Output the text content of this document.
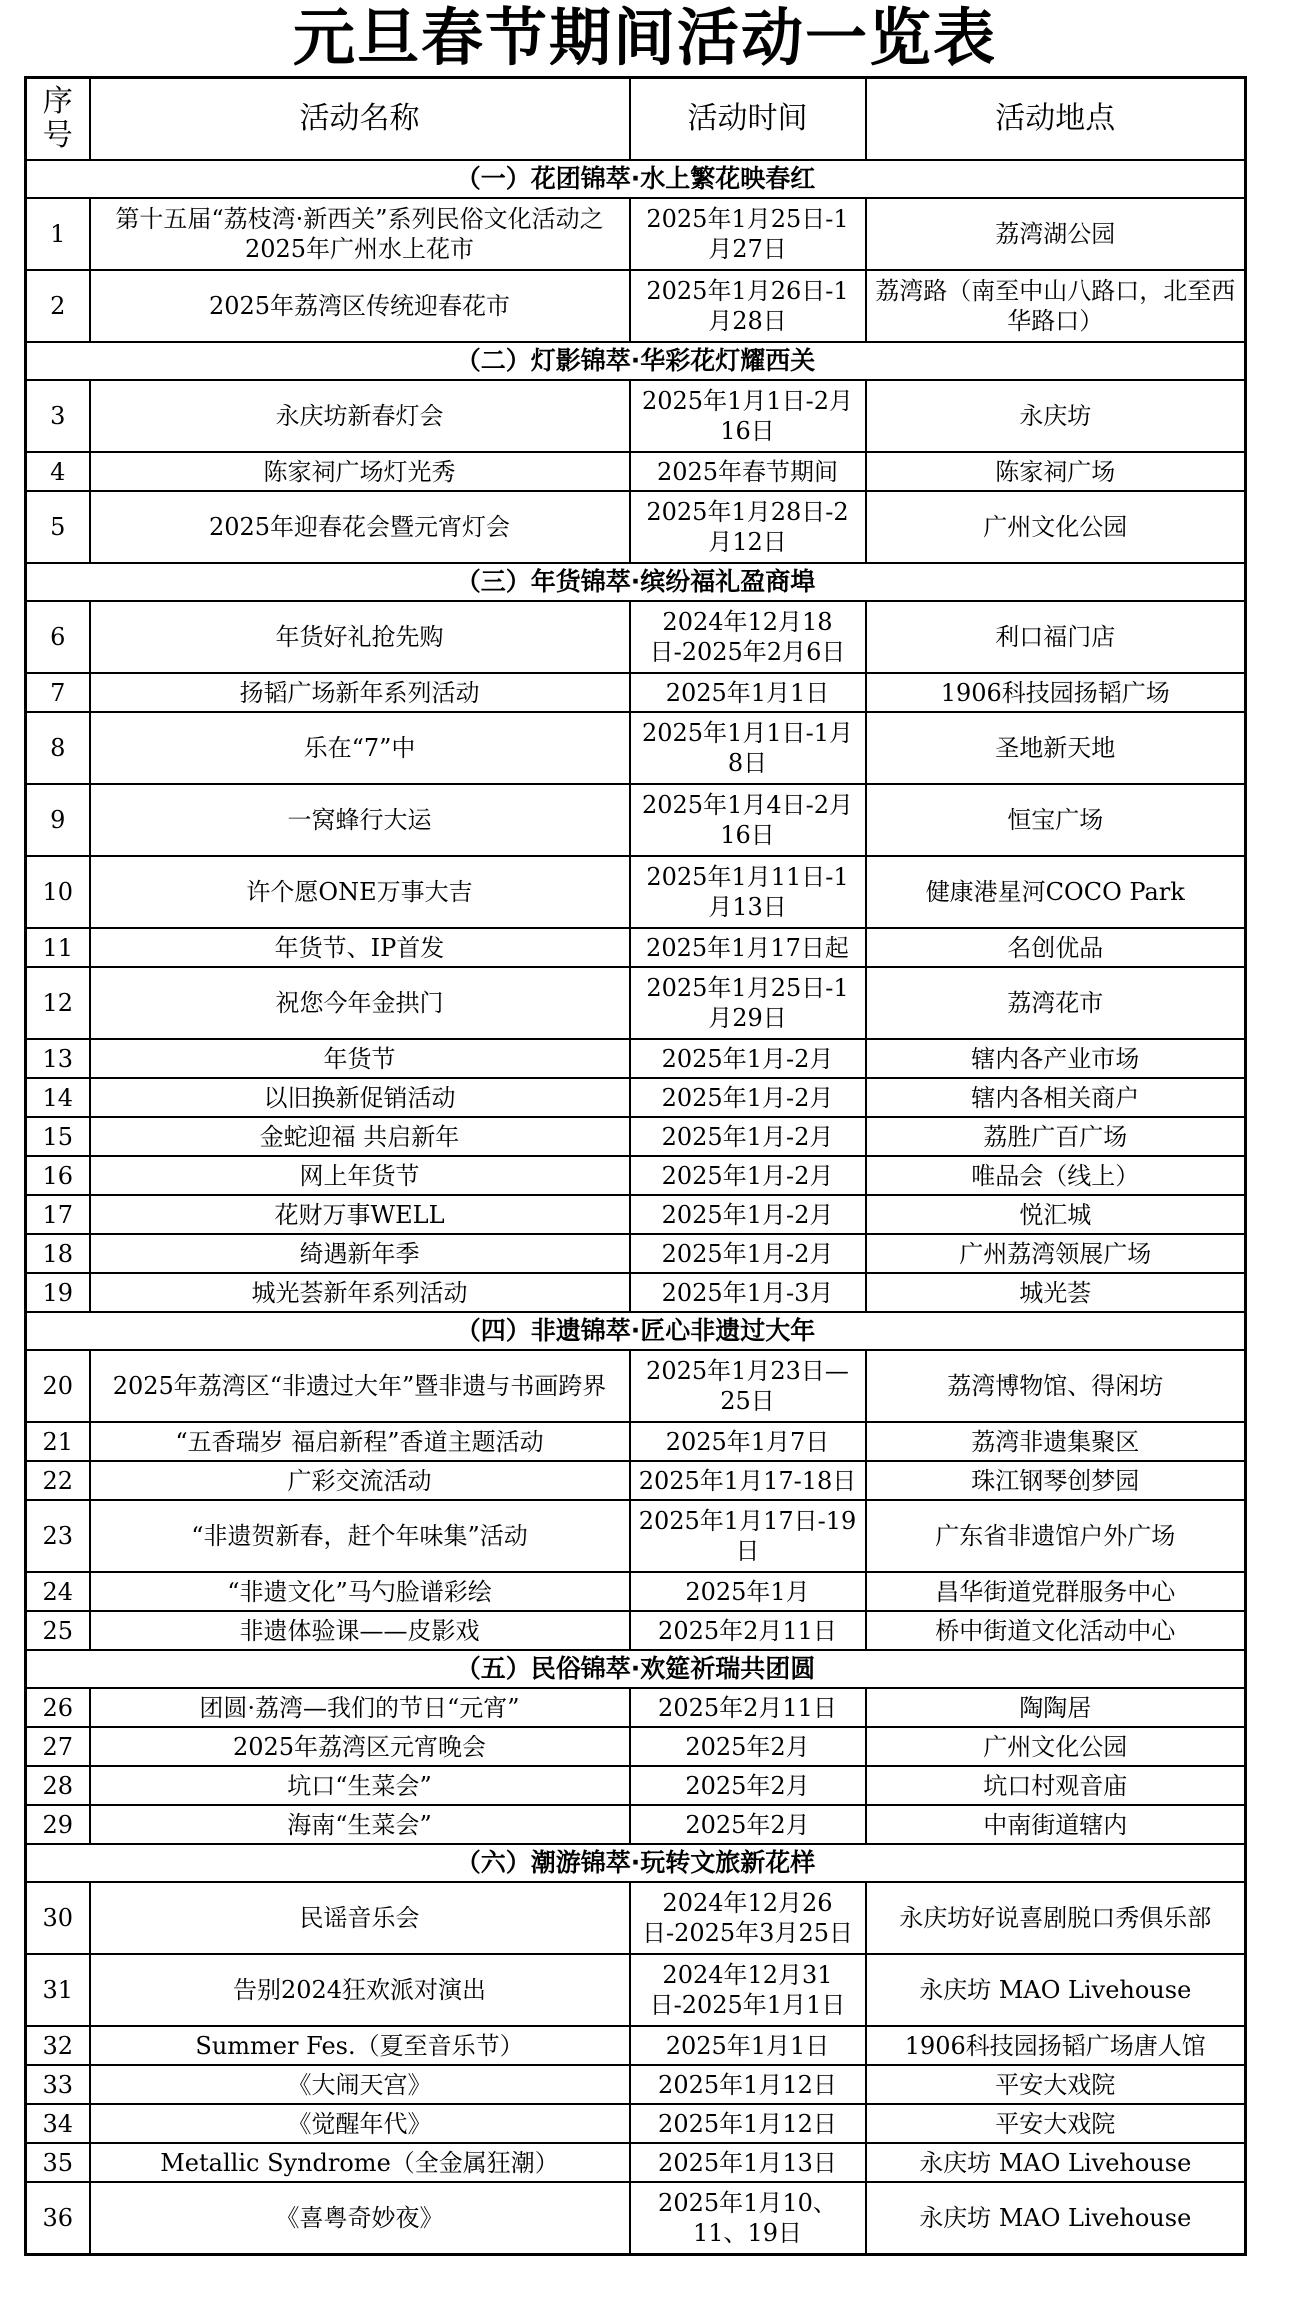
元旦春节期间活动一览表
序号	活动名称	活动时间	活动地点
（一）花团锦萃·水上繁花映春红			
1	第十五届“荔枝湾·新西关”系列民俗文化活动之2025年广州水上花市	2025年1月25日-1月27日	荔湾湖公园
2	2025年荔湾区传统迎春花市	2025年1月26日-1月28日	荔湾路（南至中山八路口，北至西华路口）
（二）灯影锦萃·华彩花灯耀西关			
3	永庆坊新春灯会	2025年1月1日-2月16日	永庆坊
4	陈家祠广场灯光秀	2025年春节期间	陈家祠广场
5	2025年迎春花会暨元宵灯会	2025年1月28日-2月12日	广州文化公园
（三）年货锦萃·缤纷福礼盈商埠			
6	年货好礼抢先购	2024年12月18日-2025年2月6日	利口福门店
7	扬韬广场新年系列活动	2025年1月1日	1906科技园扬韬广场
8	乐在“7”中	2025年1月1日-1月8日	圣地新天地
9	一窝蜂行大运	2025年1月4日-2月16日	恒宝广场
10	许个愿ONE万事大吉	2025年1月11日-1月13日	健康港星河COCO Park
11	年货节、IP首发	2025年1月17日起	名创优品
12	祝您今年金拱门	2025年1月25日-1月29日	荔湾花市
13	年货节	2025年1月-2月	辖内各产业市场
14	以旧换新促销活动	2025年1月-2月	辖内各相关商户
15	金蛇迎福 共启新年	2025年1月-2月	荔胜广百广场
16	网上年货节	2025年1月-2月	唯品会（线上）
17	花财万事WELL	2025年1月-2月	悦汇城
18	绮遇新年季	2025年1月-2月	广州荔湾领展广场
19	城光荟新年系列活动	2025年1月-3月	城光荟
（四）非遗锦萃·匠心非遗过大年			
20	2025年荔湾区“非遗过大年”暨非遗与书画跨界	2025年1月23日—25日	荔湾博物馆、得闲坊
21	“五香瑞岁 福启新程”香道主题活动	2025年1月7日	荔湾非遗集聚区
22	广彩交流活动	2025年1月17-18日	珠江钢琴创梦园
23	“非遗贺新春，赶个年味集”活动	2025年1月17日-19日	广东省非遗馆户外广场
24	“非遗文化”马勺脸谱彩绘	2025年1月	昌华街道党群服务中心
25	非遗体验课——皮影戏	2025年2月11日	桥中街道文化活动中心
（五）民俗锦萃·欢筵祈瑞共团圆			
26	团圆·荔湾—我们的节日“元宵”	2025年2月11日	陶陶居
27	2025年荔湾区元宵晚会	2025年2月	广州文化公园
28	坑口“生菜会”	2025年2月	坑口村观音庙
29	海南“生菜会”	2025年2月	中南街道辖内
（六）潮游锦萃·玩转文旅新花样			
30	民谣音乐会	2024年12月26日-2025年3月25日	永庆坊好说喜剧脱口秀俱乐部
31	告别2024狂欢派对演出	2024年12月31日-2025年1月1日	永庆坊 MAO Livehouse
32	Summer Fes.（夏至音乐节）	2025年1月1日	1906科技园扬韬广场唐人馆
33	《大闹天宫》	2025年1月12日	平安大戏院
34	《觉醒年代》	2025年1月12日	平安大戏院
35	Metallic Syndrome（全金属狂潮）	2025年1月13日	永庆坊 MAO Livehouse
36	《喜粤奇妙夜》	2025年1月10、11、19日	永庆坊 MAO Livehouse
